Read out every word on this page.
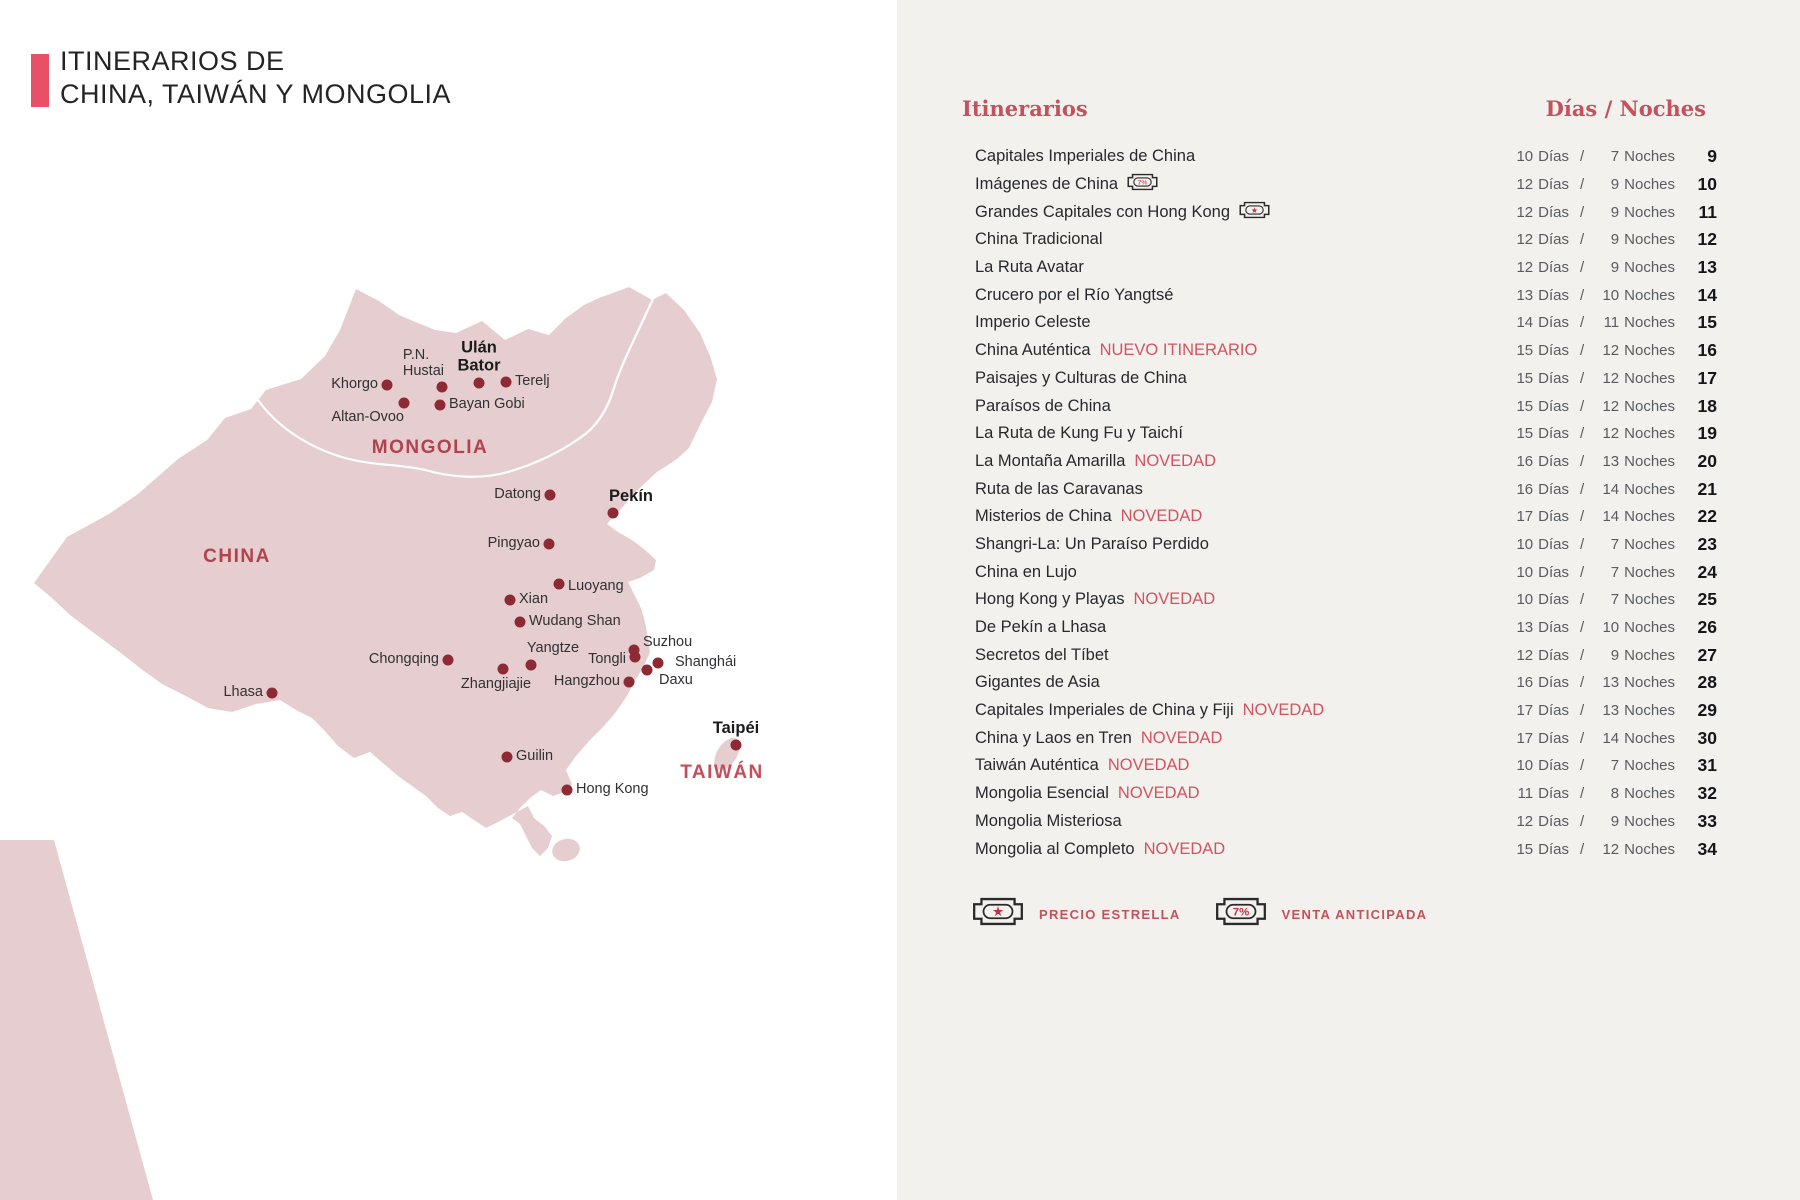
ITINERARIOS DE
CHINA, TAIWÁN Y MONGOLIA
Khorgo
P.N.
Hustai
Ulán
Bator
Terelj
Altan-Ovoo
Bayan Gobi
Datong	Pekín
Pingyao
Luoyang
Xian
Wudang Shan
Chongqing
Yangtze
Zhangjiajie
Tongli
Suzhou
Shanghái
Daxu
Hangzhou
Lhasa
Guilin
Hong Kong
Taipéi
MONGOLIA
CHINA
TAIWÁN
Itinerarios	Días / Noches
Capitales Imperiales de China	10 Días /	7 Noches	9
Imágenes de China 7%	12 Días /	9 Noches	10
Grandes Capitales con Hong Kong ★	12 Días /	9 Noches	11
China Tradicional	12 Días /	9 Noches	12
La Ruta Avatar	12 Días /	9 Noches	13
Crucero por el Río Yangtsé	13 Días /	10 Noches	14
Imperio Celeste	14 Días /	11 Noches	15
China Auténtica NUEVO ITINERARIO	15 Días /	12 Noches	16
Paisajes y Culturas de China	15 Días /	12 Noches	17
Paraísos de China	15 Días /	12 Noches	18
La Ruta de Kung Fu y Taichí	15 Días /	12 Noches	19
La Montaña Amarilla NOVEDAD	16 Días /	13 Noches	20
Ruta de las Caravanas	16 Días /	14 Noches	21
Misterios de China NOVEDAD	17 Días /	14 Noches	22
Shangri-La: Un Paraíso Perdido	10 Días /	7 Noches	23
China en Lujo	10 Días /	7 Noches	24
Hong Kong y Playas NOVEDAD	10 Días /	7 Noches	25
De Pekín a Lhasa	13 Días /	10 Noches	26
Secretos del Tíbet	12 Días /	9 Noches	27
Gigantes de Asia	16 Días /	13 Noches	28
Capitales Imperiales de China y Fiji NOVEDAD	17 Días /	13 Noches	29
China y Laos en Tren NOVEDAD	17 Días /	14 Noches	30
Taiwán Auténtica NOVEDAD	10 Días /	7 Noches	31
Mongolia Esencial NOVEDAD	11 Días /	8 Noches	32
Mongolia Misteriosa	12 Días /	9 Noches	33
Mongolia al Completo NOVEDAD	15 Días /	12 Noches	34
★	PRECIO ESTRELLA	7%	VENTA ANTICIPADA
